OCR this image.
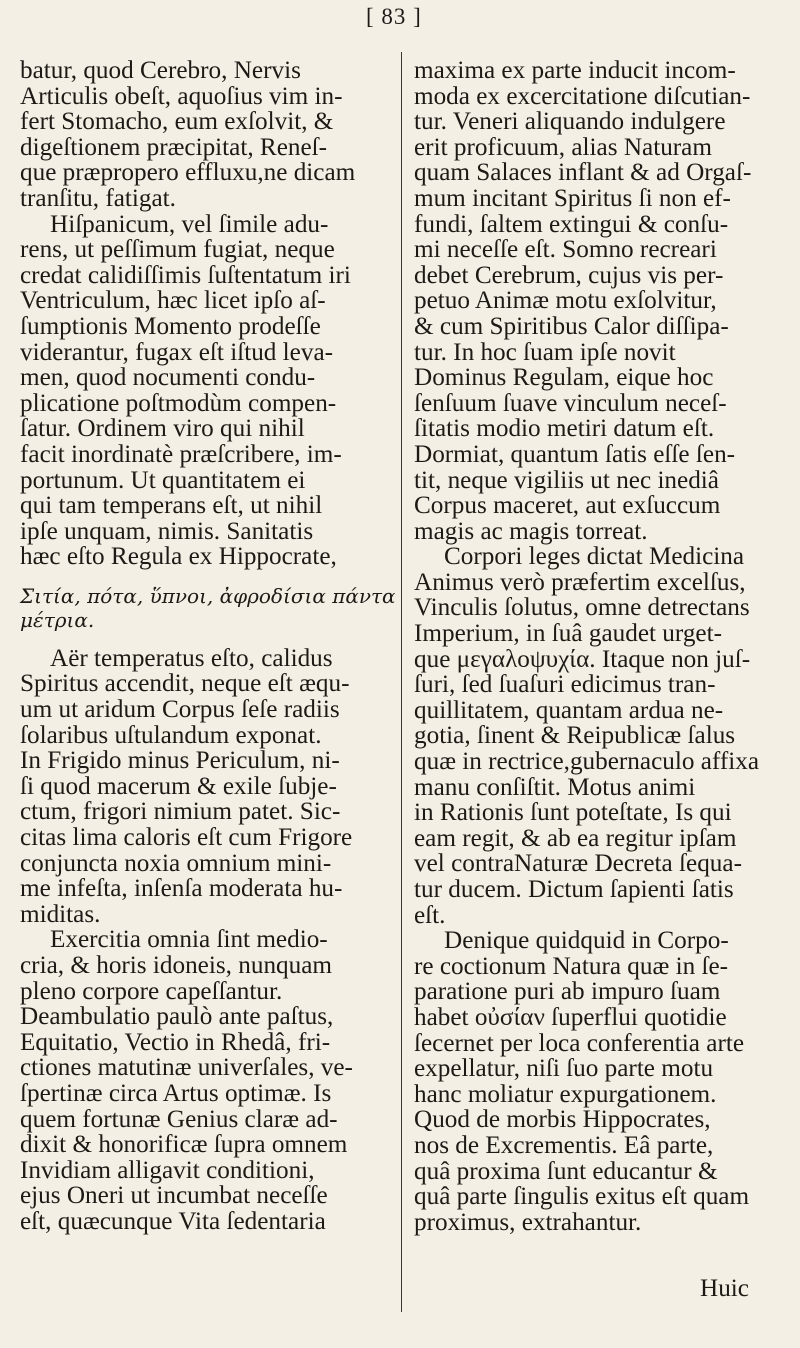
[ 83 ]
batur, quod Cerebro, Nervis
Articulis obeſt, aquoſius vim in-
fert Stomacho, eum exſolvit, &
digeſtionem præcipitat, Reneſ-
que præpropero effluxu,ne dicam
tranſitu, fatigat.
Hiſpanicum, vel ſimile adu-
rens, ut peſſimum fugiat, neque
credat calidiſſimis ſuſtentatum iri
Ventriculum, hæc licet ipſo aſ-
ſumptionis Momento prodeſſe
viderantur, fugax eſt iſtud leva-
men, quod nocumenti condu-
plicatione poſtmodùm compen-
ſatur. Ordinem viro qui nihil
facit inordinatè præſcribere, im-
portunum. Ut quantitatem ei
qui tam temperans eſt, ut nihil
ipſe unquam, nimis. Sanitatis
hæc eſto Regula ex Hippocrate,
Σιτία, πότα, ὕπνοι, ἀφροδίσια πάντα
μέτρια.
Aër temperatus eſto, calidus
Spiritus accendit, neque eſt æqu-
um ut aridum Corpus ſeſe radiis
ſolaribus uſtulandum exponat.
In Frigido minus Periculum, ni-
ſi quod macerum & exile ſubje-
ctum, frigori nimium patet. Sic-
citas lima caloris eſt cum Frigore
conjuncta noxia omnium mini-
me infeſta, inſenſa moderata hu-
miditas.
Exercitia omnia ſint medio-
cria, & horis idoneis, nunquam
pleno corpore capeſſantur.
Deambulatio paulò ante paſtus,
Equitatio, Vectio in Rhedâ, fri-
ctiones matutinæ univerſales, ve-
ſpertinæ circa Artus optimæ. Is
quem fortunæ Genius claræ ad-
dixit & honorificæ ſupra omnem
Invidiam alligavit conditioni,
ejus Oneri ut incumbat neceſſe
eſt, quæcunque Vita ſedentaria
maxima ex parte inducit incom-
moda ex excercitatione diſcutian-
tur. Veneri aliquando indulgere
erit proficuum, alias Naturam
quam Salaces inflant & ad Orgaſ-
mum incitant Spiritus ſi non ef-
fundi, ſaltem extingui & conſu-
mi neceſſe eſt. Somno recreari
debet Cerebrum, cujus vis per-
petuo Animæ motu exſolvitur,
& cum Spiritibus Calor diſſipa-
tur. In hoc ſuam ipſe novit
Dominus Regulam, eique hoc
ſenſuum ſuave vinculum neceſ-
ſitatis modio metiri datum eſt.
Dormiat, quantum ſatis eſſe ſen-
tit, neque vigiliis ut nec inediâ
Corpus maceret, aut exſuccum
magis ac magis torreat.
Corpori leges dictat Medicina
Animus verò præfertim excelſus,
Vinculis ſolutus, omne detrectans
Imperium, in ſuâ gaudet urget-
que μεγαλοψυχία. Itaque non juſ-
ſuri, ſed ſuaſuri edicimus tran-
quillitatem, quantam ardua ne-
gotia, ſinent & Reipublicæ ſalus
quæ in rectrice,gubernaculo affixa
manu conſiſtit. Motus animi
in Rationis ſunt poteſtate, Is qui
eam regit, & ab ea regitur ipſam
vel contraNaturæ Decreta ſequa-
tur ducem. Dictum ſapienti ſatis
eſt.
Denique quidquid in Corpo-
re coctionum Natura quæ in ſe-
paratione puri ab impuro ſuam
habet οὐσίαν ſuperflui quotidie
ſecernet per loca conferentia arte
expellatur, niſi ſuo parte motu
hanc moliatur expurgationem.
Quod de morbis Hippocrates,
nos de Excrementis. Eâ parte,
quâ proxima ſunt educantur &
quâ parte ſingulis exitus eſt quam
proximus, extrahantur.
Huic
